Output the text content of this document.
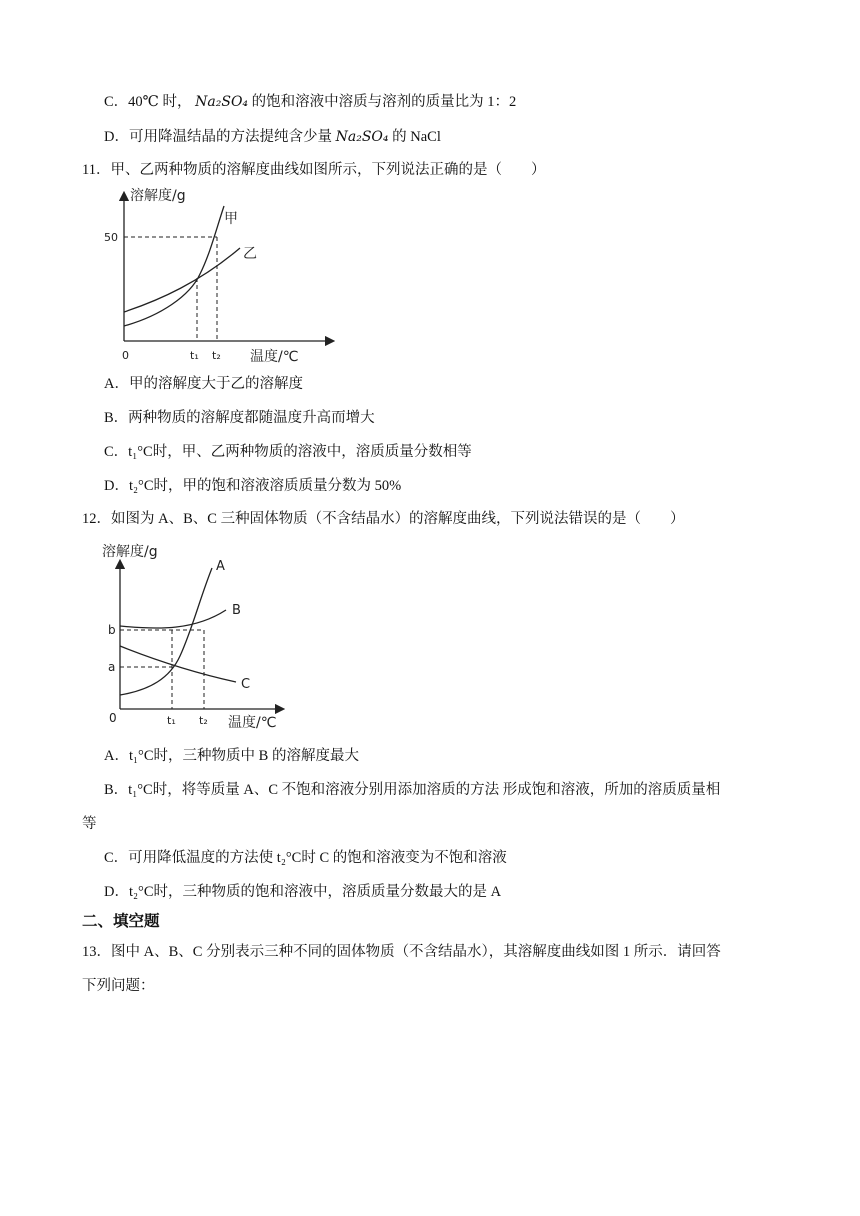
C．40℃ 时， Na₂SO₄ 的饱和溶液中溶质与溶剂的质量比为 1：2
D．可用降温结晶的方法提纯含少量 Na₂SO₄ 的 NaCl
11．甲、乙两种物质的溶解度曲线如图所示，下列说法正确的是（　　）
溶解度/g
50
0	t₁ t₂ 温度/℃
甲
乙
A．甲的溶解度大于乙的溶解度
B．两种物质的溶解度都随温度升高而增大
C．t₁°C时，甲、乙两种物质的溶液中，溶质质量分数相等
D．t₂°C时，甲的饱和溶液溶质质量分数为 50%
12．如图为 A、B、C 三种固体物质（不含结晶水）的溶解度曲线，下列说法错误的是（　　）
溶解度/g
b
a
0	t₁ t₂ 温度/℃
A
B
C
A．t₁°C时，三种物质中 B 的溶解度最大
B．t₁°C时，将等质量 A、C 不饱和溶液分别用添加溶质的方法 形成饱和溶液，所加的溶质质量相
等
C．可用降低温度的方法使 t₂°C时 C 的饱和溶液变为不饱和溶液
D．t₂°C时，三种物质的饱和溶液中，溶质质量分数最大的是 A
二、填空题
13．图中 A、B、C 分别表示三种不同的固体物质（不含结晶水），其溶解度曲线如图 1 所示．请回答
下列问题：
